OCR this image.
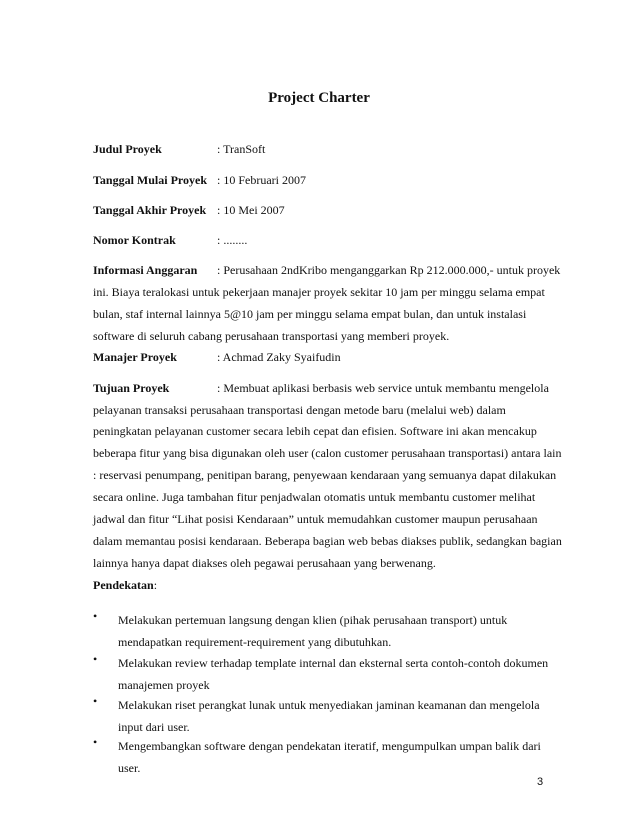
Project Charter
Judul Proyek	: TranSoft
Tanggal Mulai Proyek : 10 Februari 2007
Tanggal Akhir Proyek : 10 Mei 2007
Nomor Kontrak	: ........
Informasi Anggaran : Perusahaan 2ndKribo menganggarkan Rp 212.000.000,- untuk proyek
ini. Biaya teralokasi untuk pekerjaan manajer proyek sekitar 10 jam per minggu selama empat
bulan, staf internal lainnya 5@10 jam per minggu selama empat bulan, dan untuk instalasi
software di seluruh cabang perusahaan transportasi yang memberi proyek.
Manajer Proyek	: Achmad Zaky Syaifudin
Tujuan Proyek	: Membuat aplikasi berbasis web service untuk membantu mengelola
pelayanan transaksi perusahaan transportasi dengan metode baru (melalui web) dalam
peningkatan pelayanan customer secara lebih cepat dan efisien. Software ini akan mencakup
beberapa fitur yang bisa digunakan oleh user (calon customer perusahaan transportasi) antara lain
: reservasi penumpang, penitipan barang, penyewaan kendaraan yang semuanya dapat dilakukan
secara online. Juga tambahan fitur penjadwalan otomatis untuk membantu customer melihat
jadwal dan fitur “Lihat posisi Kendaraan” untuk memudahkan customer maupun perusahaan
dalam memantau posisi kendaraan. Beberapa bagian web bebas diakses publik, sedangkan bagian
lainnya hanya dapat diakses oleh pegawai perusahaan yang berwenang.
Pendekatan:
• Melakukan pertemuan langsung dengan klien (pihak perusahaan transport) untuk mendapatkan requirement-requirement yang dibutuhkan.
• Melakukan review terhadap template internal dan eksternal serta contoh-contoh dokumen manajemen proyek
• Melakukan riset perangkat lunak untuk menyediakan jaminan keamanan dan mengelola input dari user.
• Mengembangkan software dengan pendekatan iteratif, mengumpulkan umpan balik dari user.
3
